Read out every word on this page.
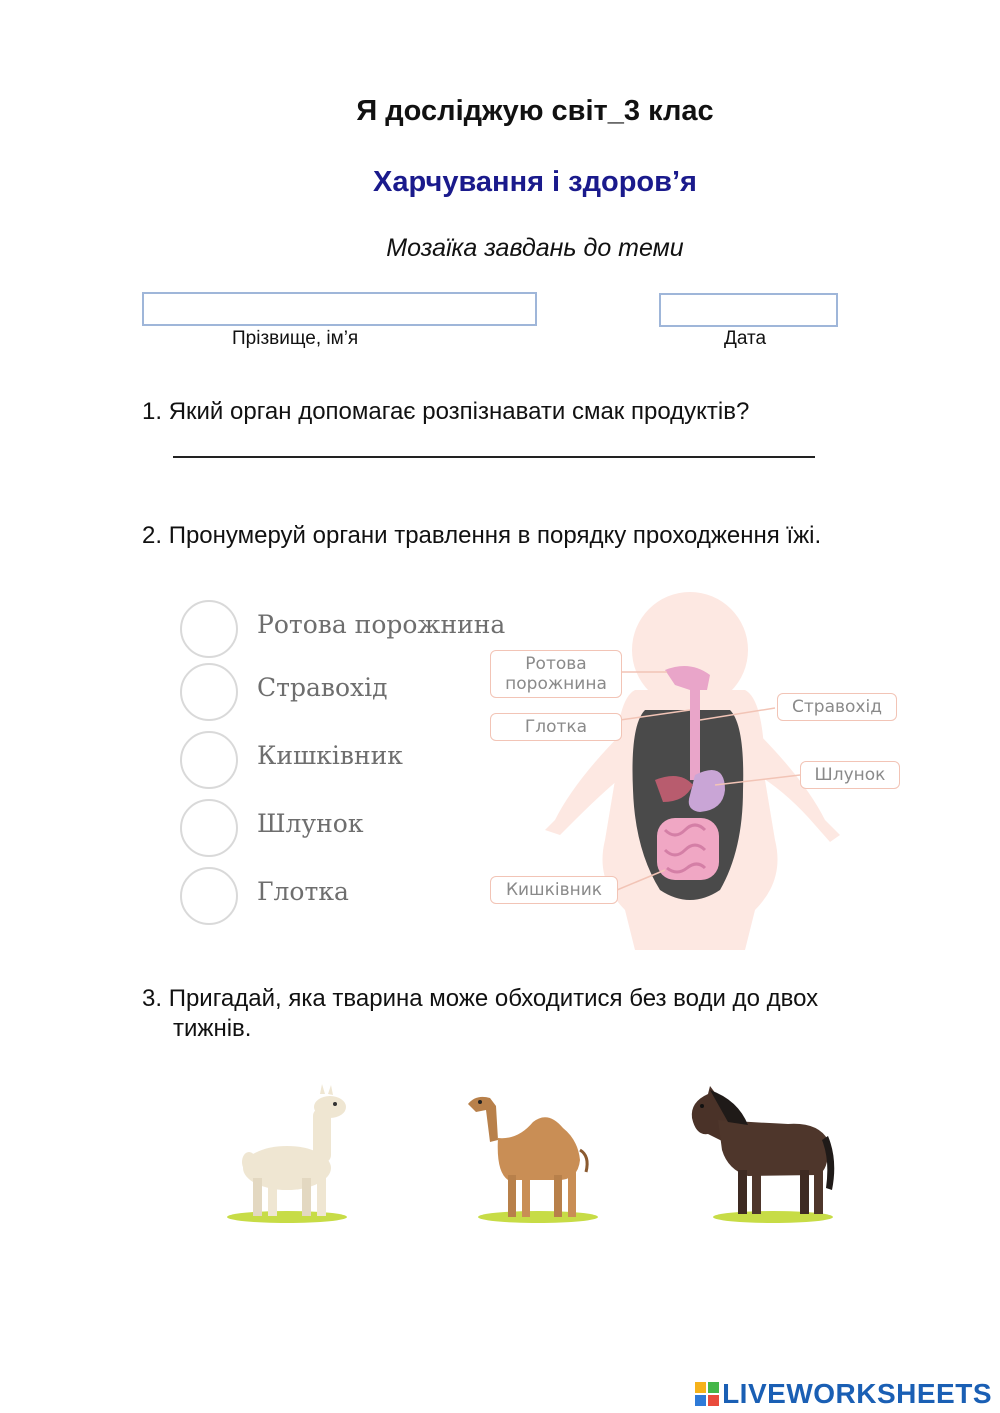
Я досліджую світ_3 клас
Харчування і здоров’я
Мозаїка завдань до теми
Прізвище, ім’я	Дата
1. Який орган допомагає розпізнавати смак продуктів?
2. Пронумеруй органи травлення в порядку проходження їжі.
Ротова порожнина
Стравохід
Кишківник
Шлунок
Глотка
Ротова
порожнина
Глотка
Стравохід
Шлунок
Кишківник
3. Пригадай, яка тварина може обходитися без води до двох
тижнів.
LIVEWORKSHEETS
